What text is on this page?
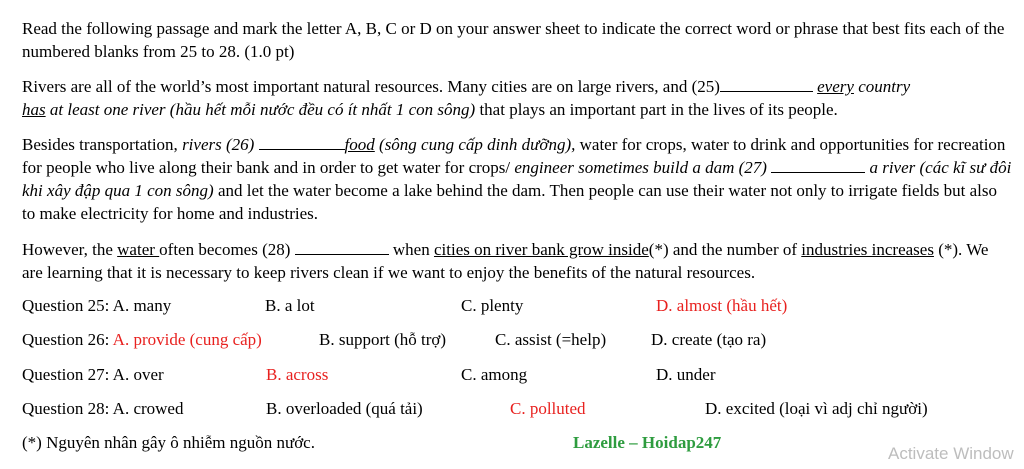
Read the following passage and mark the letter A, B, C or D on your answer sheet to indicate the correct word or phrase that best fits each of the numbered blanks from 25 to 28. (1.0 pt)

Rivers are all of the world’s most important natural resources. Many cities are on large rivers, and (25)	every country
has at least one river (hầu hết mỗi nước đều có ít nhất 1 con sông) that plays an important part in the lives of its people.

Besides transportation, rivers (26)	food (sông cung cấp dinh dưỡng), water for crops, water to drink and opportunities for recreation for people who live along their bank and in order to get water for crops/ engineer sometimes build a dam (27)	a river (các kĩ sư đôi khi xây đập qua 1 con sông) and let the water become a lake behind the dam. Then people can use their water not only to irrigate fields but also to make electricity for home and industries.

However, the water often becomes (28)	when cities on river bank grow inside(*) and the number of industries increases (*). We are learning that it is necessary to keep rivers clean if we want to enjoy the benefits of the natural resources.

Question 25: A. many	B. a lot	C. plenty	D. almost (hầu hết)
Question 26: A. provide (cung cấp)	B. support (hỗ trợ)	C. assist (=help)	D. create (tạo ra)
Question 27: A. over	B. across	C. among	D. under
Question 28: A. crowed	B. overloaded (quá tải)	C. polluted	D. excited (loại vì adj chỉ người)
(*) Nguyên nhân gây ô nhiễm nguồn nước.	Lazelle – Hoidap247
Activate Window
